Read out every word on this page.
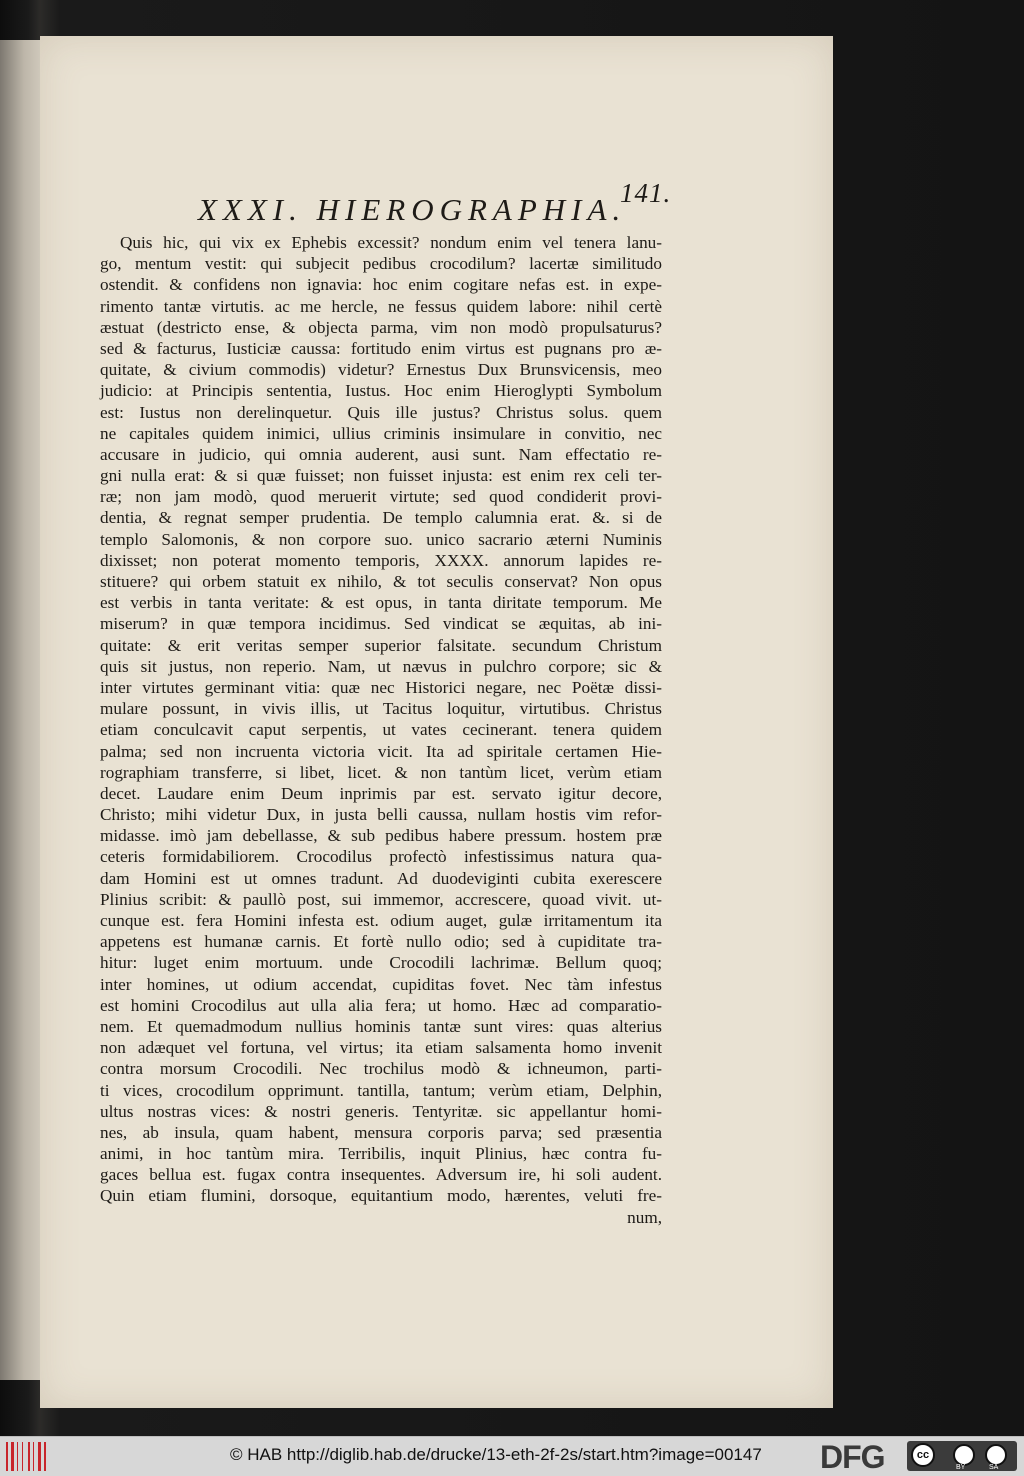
141.
XXXI. HIEROGRAPHIA.
Quis hic, qui vix ex Ephebis excessit? nondum enim vel tenera lanu-
go, mentum vestit: qui subjecit pedibus crocodilum? lacertæ similitudo
ostendit. & confidens non ignavia: hoc enim cogitare nefas est. in expe-
rimento tantæ virtutis. ac me hercle, ne fessus quidem labore: nihil certè
æstuat (destricto ense, & objecta parma, vim non modò propulsaturus?
sed & facturus, Iusticiæ caussa: fortitudo enim virtus est pugnans pro æ-
quitate, & civium commodis) videtur? Ernestus Dux Brunsvicensis, meo
judicio: at Principis sententia, Iustus. Hoc enim Hieroglypti Symbolum
est: Iustus non derelinquetur. Quis ille justus? Christus solus. quem
ne capitales quidem inimici, ullius criminis insimulare in convitio, nec
accusare in judicio, qui omnia auderent, ausi sunt. Nam effectatio re-
gni nulla erat: & si quæ fuisset; non fuisset injusta: est enim rex celi ter-
ræ; non jam modò, quod meruerit virtute; sed quod condiderit provi-
dentia, & regnat semper prudentia. De templo calumnia erat. &. si de
templo Salomonis, & non corpore suo. unico sacrario æterni Numinis
dixisset; non poterat momento temporis, XXXX. annorum lapides re-
stituere? qui orbem statuit ex nihilo, & tot seculis conservat? Non opus
est verbis in tanta veritate: & est opus, in tanta diritate temporum. Me
miserum? in quæ tempora incidimus. Sed vindicat se æquitas, ab ini-
quitate: & erit veritas semper superior falsitate. secundum Christum
quis sit justus, non reperio. Nam, ut nævus in pulchro corpore; sic &
inter virtutes germinant vitia: quæ nec Historici negare, nec Poëtæ dissi-
mulare possunt, in vivis illis, ut Tacitus loquitur, virtutibus. Christus
etiam conculcavit caput serpentis, ut vates cecinerant. tenera quidem
palma; sed non incruenta victoria vicit. Ita ad spiritale certamen Hie-
rographiam transferre, si libet, licet. & non tantùm licet, verùm etiam
decet. Laudare enim Deum inprimis par est. servato igitur decore,
Christo; mihi videtur Dux, in justa belli caussa, nullam hostis vim refor-
midasse. imò jam debellasse, & sub pedibus habere pressum. hostem præ
ceteris formidabiliorem. Crocodilus profectò infestissimus natura qua-
dam Homini est ut omnes tradunt. Ad duodeviginti cubita exerescere
Plinius scribit: & paullò post, sui immemor, accrescere, quoad vivit. ut-
cunque est. fera Homini infesta est. odium auget, gulæ irritamentum ita
appetens est humanæ carnis. Et fortè nullo odio; sed à cupiditate tra-
hitur: luget enim mortuum. unde Crocodili lachrimæ. Bellum quoq;
inter homines, ut odium accendat, cupiditas fovet. Nec tàm infestus
est homini Crocodilus aut ulla alia fera; ut homo. Hæc ad comparatio-
nem. Et quemadmodum nullius hominis tantæ sunt vires: quas alterius
non adæquet vel fortuna, vel virtus; ita etiam salsamenta homo invenit
contra morsum Crocodili. Nec trochilus modò & ichneumon, parti-
ti vices, crocodilum opprimunt. tantilla, tantum; verùm etiam, Delphin,
ultus nostras vices: & nostri generis. Tentyritæ. sic appellantur homi-
nes, ab insula, quam habent, mensura corporis parva; sed præsentia
animi, in hoc tantùm mira. Terribilis, inquit Plinius, hæc contra fu-
gaces bellua est. fugax contra insequentes. Adversum ire, hi soli audent.
Quin etiam flumini, dorsoque, equitantium modo, hærentes, veluti fre-
num,
© HAB http://diglib.hab.de/drucke/13-eth-2f-2s/start.htm?image=00147 DFG	cc
BY	SA
